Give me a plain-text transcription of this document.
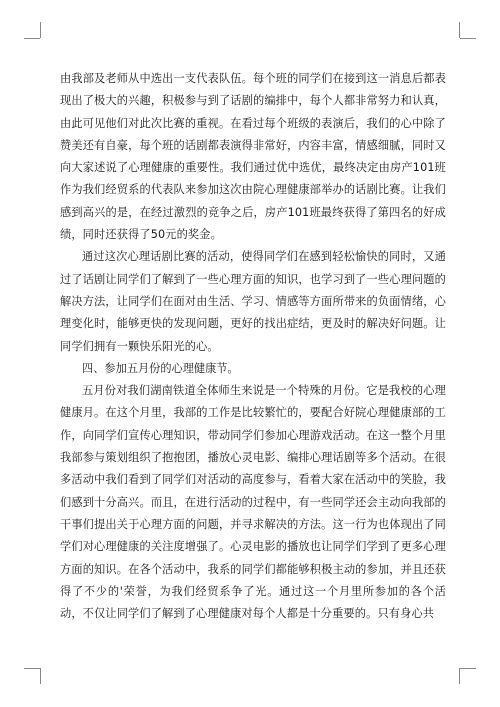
由我部及老师从中选出一支代表队伍。每个班的同学们在接到这一消息后都表现出了极大的兴趣，积极参与到了话剧的编排中，每个人都非常努力和认真，由此可见他们对此次比赛的重视。在看过每个班级的表演后，我们的心中除了赞美还有自豪，每个班的话剧都表演得非常好，内容丰富，情感细腻，同时又向大家述说了心理健康的重要性。我们通过优中选优，最终决定由房产101班作为我们经贸系的代表队来参加这次由院心理健康部举办的话剧比赛。让我们感到高兴的是，在经过激烈的竞争之后，房产101班最终获得了第四名的好成绩，同时还获得了50元的奖金。

通过这次心理话剧比赛的活动，使得同学们在感到轻松愉快的同时，又通过了话剧让同学们了解到了一些心理方面的知识，也学习到了一些心理问题的解决方法，让同学们在面对由生活、学习、情感等方面所带来的负面情绪，心理变化时，能够更快的发现问题，更好的找出症结，更及时的解决好问题。让同学们拥有一颗快乐阳光的心。

四、参加五月份的心理健康节。

五月份对我们湖南铁道全体师生来说是一个特殊的月份。它是我校的心理健康月。在这个月里，我部的工作是比较繁忙的，要配合好院心理健康部的工作，向同学们宣传心理知识，带动同学们参加心理游戏活动。在这一整个月里我部参与策划组织了抱抱团，播放心灵电影、编排心理话剧等多个活动。在很多活动中我们看到了同学们对活动的高度参与，看着大家在活动中的笑脸，我们感到十分高兴。而且，在进行活动的过程中，有一些同学还会主动向我部的干事们提出关于心理方面的问题，并寻求解决的方法。这一行为也体现出了同学们对心理健康的关注度增强了。心灵电影的播放也让同学们学到了更多心理方面的知识。在各个活动中，我系的同学们都能够积极主动的参加，并且还获得了不少的'荣誉，为我们经贸系争了光。通过这一个月里所参加的各个活动，不仅让同学们了解到了心理健康对每个人都是十分重要的。只有身心共
